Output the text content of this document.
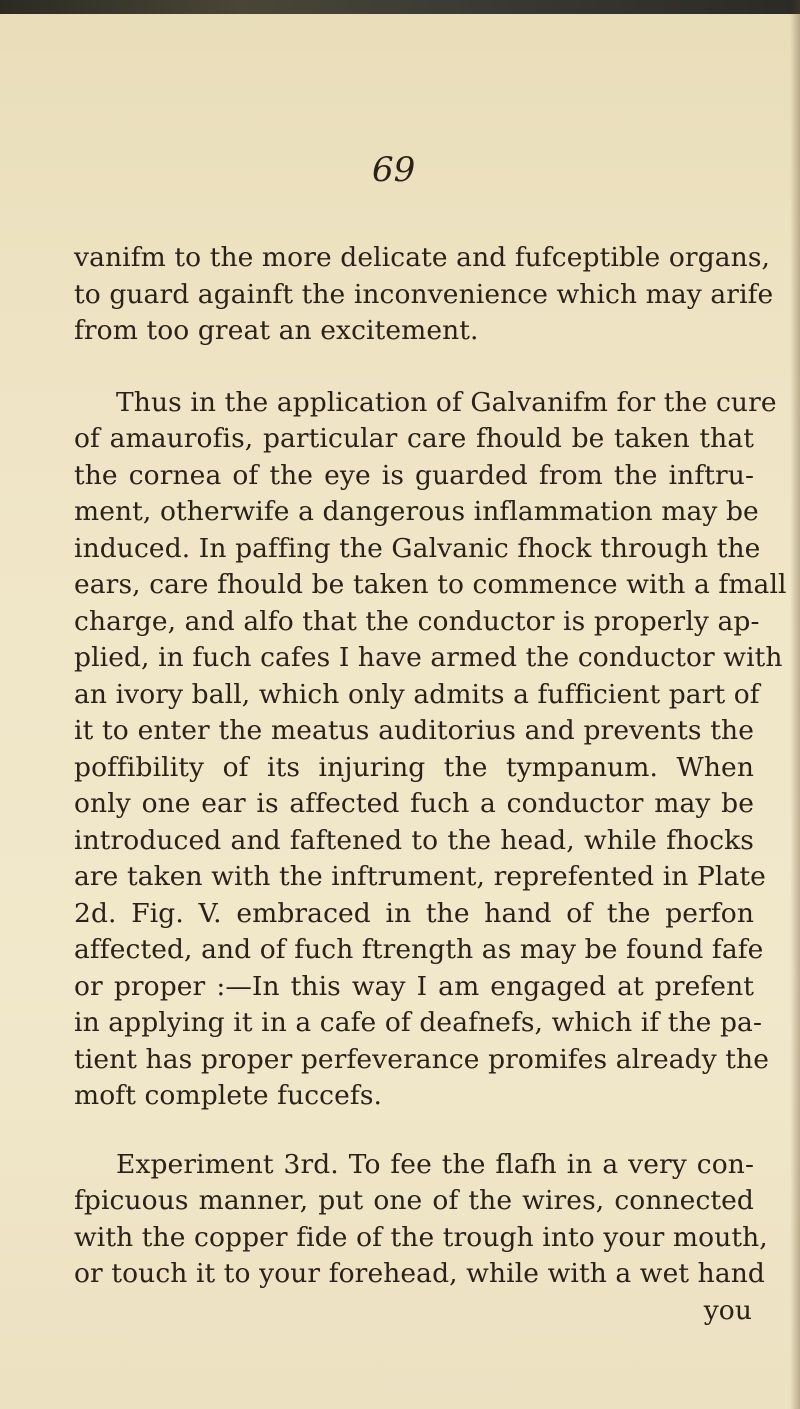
69
vanifm to the more delicate and fufceptible organs,
to guard againft the inconvenience which may arife
from too great an excitement.
Thus in the application of Galvanifm for the cure
of amaurofis, particular care fhould be taken that
the cornea of the eye is guarded from the inftru-
ment, otherwife a dangerous inflammation may be
induced. In paffing the Galvanic fhock through the
ears, care fhould be taken to commence with a fmall
charge, and alfo that the conductor is properly ap-
plied, in fuch cafes I have armed the conductor with
an ivory ball, which only admits a fufficient part of
it to enter the meatus auditorius and prevents the
poffibility of its injuring the tympanum. When
only one ear is affected fuch a conductor may be
introduced and faftened to the head, while fhocks
are taken with the inftrument, reprefented in Plate
2d. Fig. V. embraced in the hand of the perfon
affected, and of fuch ftrength as may be found fafe
or proper :—In this way I am engaged at prefent
in applying it in a cafe of deafnefs, which if the pa-
tient has proper perfeverance promifes already the
moft complete fuccefs.
Experiment 3rd. To fee the flafh in a very con-
fpicuous manner, put one of the wires, connected
with the copper fide of the trough into your mouth,
or touch it to your forehead, while with a wet hand
you
